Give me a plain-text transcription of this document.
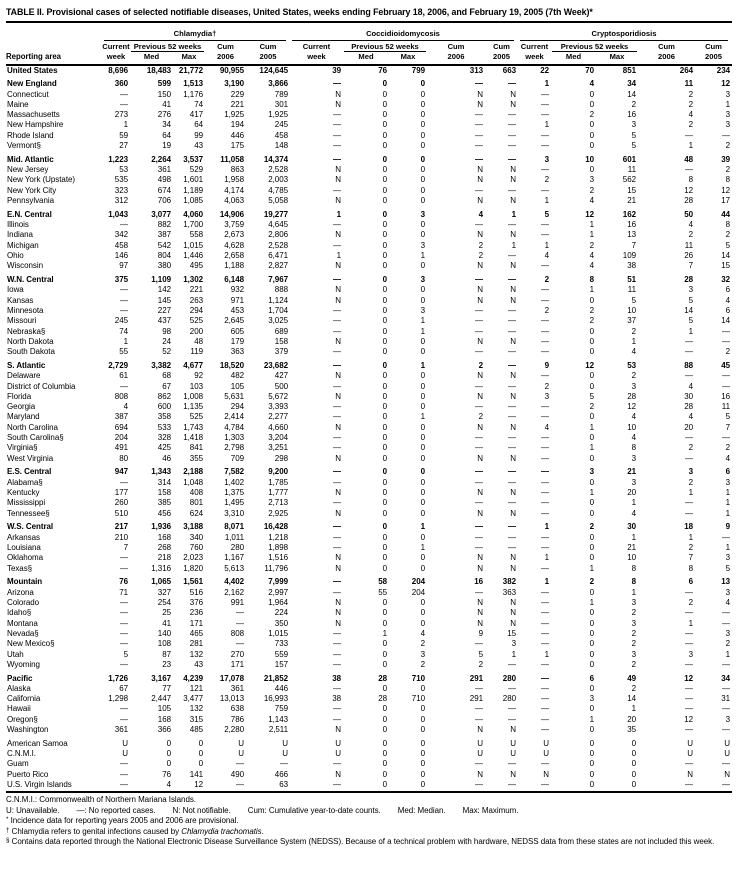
TABLE II. Provisional cases of selected notifiable diseases, United States, weeks ending February 18, 2006, and February 19, 2005 (7th Week)*
Chlamydia†	Coccidioidomycosis	Cryptosporidiosis
Current Previous 52 weeks	Cum	Cum	Current	Previous 52 weeks	Cum	Cum	Current	Previous 52 weeks	Cum	Cum
Reporting area	week	Med	Max	2006	2005	week	Med	Max	2006	2005	week	Med	Max	2006	2005
United States	8,696	18,483 21,772	90,955	124,645	39	76	799	313	663	22	70	851	264	234
New England	360	599	1,513	3,190	3,866	—	0	0	—	—	1	4	34	11	12
Connecticut	—	150	1,176	229	789	N	0	0	N	N	—	0	14	2	3
Maine	—	41	74	221	301	N	0	0	N	N	—	0	2	2	1
Massachusetts	273	276	417	1,925	1,925	—	0	0	—	—	—	2	16	4	3
New Hampshire	1	34	64	194	245	—	0	0	—	—	1	0	3	2	3
Rhode Island	59	64	99	446	458	—	0	0	—	—	—	0	5	—	—
Vermont§	27	19	43	175	148	—	0	0	—	—	—	0	5	1	2
Mid. Atlantic	1,223	2,264	3,537	11,058	14,374	—	0	0	—	—	3	10	601	48	39
New Jersey	53	361	529	863	2,528	N	0	0	N	N	—	0	11	—	2
New York (Upstate)	535	498	1,601	1,958	2,003	N	0	0	N	N	2	3	562	8	8
New York City	323	674	1,189	4,174	4,785	—	0	0	—	—	—	2	15	12	12
Pennsylvania	312	706	1,085	4,063	5,058	N	0	0	N	N	1	4	21	28	17
E.N. Central	1,043	3,077	4,060	14,906	19,277	1	0	3	4	1	5	12	162	50	44
Illinois	—	882	1,700	3,759	4,645	—	0	0	—	—	—	1	16	4	8
Indiana	342	387	558	2,673	2,806	N	0	0	N	N	—	1	13	2	2
Michigan	458	542	1,015	4,628	2,528	—	0	3	2	1	1	2	7	11	5
Ohio	146	804	1,446	2,658	6,471	1	0	1	2	—	4	4	109	26	14
Wisconsin	97	380	495	1,188	2,827	N	0	0	N	N	—	4	38	7	15
W.N. Central	375	1,109	1,302	6,148	7,967	—	0	3	—	—	2	8	51	28	32
Iowa	—	142	221	932	888	N	0	0	N	N	—	1	11	3	6
Kansas	—	145	263	971	1,124	N	0	0	N	N	—	0	5	5	4
Minnesota	—	227	294	453	1,704	—	0	3	—	—	2	2	10	14	6
Missouri	245	437	525	2,645	3,025	—	0	1	—	—	—	2	37	5	14
Nebraska§	74	98	200	605	689	—	0	1	—	—	—	0	2	1	—
North Dakota	1	24	48	179	158	N	0	0	N	N	—	0	1	—	—
South Dakota	55	52	119	363	379	—	0	0	—	—	—	0	4	—	2
S. Atlantic	2,729	3,382	4,677	18,520	23,682	—	0	1	2	—	9	12	53	88	45
Delaware	61	68	92	482	427	N	0	0	N	N	—	0	2	—	—
District of Columbia	—	67	103	105	500	—	0	0	—	—	2	0	3	4	—
Florida	808	862	1,008	5,631	5,672	N	0	0	N	N	3	5	28	30	16
Georgia	4	600	1,135	294	3,393	—	0	0	—	—	—	2	12	28	11
Maryland	387	358	525	2,414	2,277	—	0	1	2	—	—	0	4	4	5
North Carolina	694	533	1,743	4,784	4,660	N	0	0	N	N	4	1	10	20	7
South Carolina§	204	328	1,418	1,303	3,204	—	0	0	—	—	—	0	4	—	—
Virginia§	491	425	841	2,798	3,251	—	0	0	—	—	—	1	8	2	2
West Virginia	80	46	355	709	298	N	0	0	N	N	—	0	3	—	4
E.S. Central	947	1,343	2,188	7,582	9,200	—	0	0	—	—	—	3	21	3	6
Alabama§	—	314	1,048	1,402	1,785	—	0	0	—	—	—	0	3	2	3
Kentucky	177	158	408	1,375	1,777	N	0	0	N	N	—	1	20	1	1
Mississippi	260	385	801	1,495	2,713	—	0	0	—	—	—	0	1	—	1
Tennessee§	510	456	624	3,310	2,925	N	0	0	N	N	—	0	4	—	1
W.S. Central	217	1,936	3,188	8,071	16,428	—	0	1	—	—	1	2	30	18	9
Arkansas	210	168	340	1,011	1,218	—	0	0	—	—	—	0	1	1	—
Louisiana	7	268	760	280	1,898	—	0	1	—	—	—	0	21	2	1
Oklahoma	—	218	2,023	1,167	1,516	N	0	0	N	N	1	0	10	7	3
Texas§	—	1,316	1,820	5,613	11,796	N	0	0	N	N	—	1	8	8	5
Mountain	76	1,065	1,561	4,402	7,999	—	58	204	16	382	1	2	8	6	13
Arizona	71	327	516	2,162	2,997	—	55	204	—	363	—	0	1	—	3
Colorado	—	254	376	991	1,964	N	0	0	N	N	—	1	3	2	4
Idaho§	—	25	236	—	224	N	0	0	N	N	—	0	2	—	—
Montana	—	41	171	—	350	N	0	0	N	N	—	0	3	1	—
Nevada§	—	140	465	808	1,015	—	1	4	9	15	—	0	2	—	3
New Mexico§	—	108	281	—	733	—	0	2	—	3	—	0	2	—	2
Utah	5	87	132	270	559	—	0	3	5	1	1	0	3	3	1
Wyoming	—	23	43	171	157	—	0	2	2	—	—	0	2	—	—
Pacific	1,726	3,167	4,239	17,078	21,852	38	28	710	291	280	—	6	49	12	34
Alaska	67	77	121	361	446	—	0	0	—	—	—	0	2	—	—
California	1,298	2,447	3,477	13,013	16,993	38	28	710	291	280	—	3	14	—	31
Hawaii	—	105	132	638	759	—	0	0	—	—	—	0	1	—	—
Oregon§	—	168	315	786	1,143	—	0	0	—	—	—	1	20	12	3
Washington	361	366	485	2,280	2,511	N	0	0	N	N	—	0	35	—	—
American Samoa	U	0	0	U	U	U	0	0	U	U	U	0	0	U	U
C.N.M.I.	U	0	0	U	U	U	0	0	U	U	U	0	0	U	U
Guam	—	0	0	—	—	—	0	0	—	—	—	0	0	—	—
Puerto Rico	—	76	141	490	466	N	0	0	N	N	N	0	0	N	N
U.S. Virgin Islands	—	4	12	—	63	—	0	0	—	—	—	0	0	—	—
C.N.M.I.: Commonwealth of Northern Mariana Islands.
U: Unavailable. —: No reported cases. N: Not notifiable. Cum: Cumulative year-to-date counts. Med: Median. Max: Maximum.
* Incidence data for reporting years 2005 and 2006 are provisional.
† Chlamydia refers to genital infections caused by Chlamydia trachomatis.
§ Contains data reported through the National Electronic Disease Surveillance System (NEDSS). Because of a technical problem with hardware, NEDSS data from these states are not included this week.
